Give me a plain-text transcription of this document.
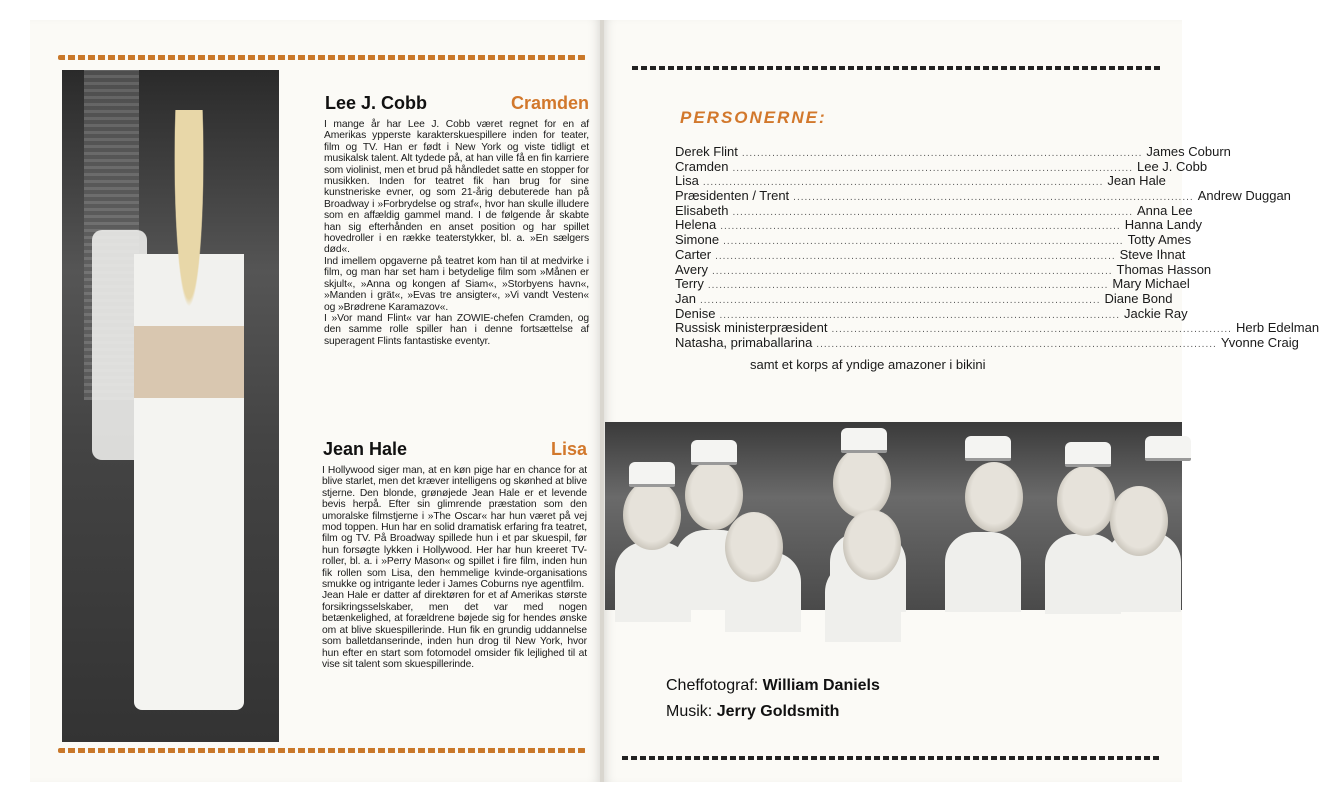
Lee J. Cobb	Cramden

I mange år har Lee J. Cobb været regnet for en af Amerikas ypperste karakterskuespillere inden for teater, film og TV. Han er født i New York og viste tidligt et musikalsk talent. Alt tydede på, at han ville få en fin karriere som violinist, men et brud på håndledet satte en stopper for musikken. Inden for teatret fik han brug for sine kunstneriske evner, og som 21-årig debuterede han på Broadway i »Forbrydelse og straf«, hvor han skulle illudere som en affældig gammel mand. I de følgende år skabte han sig efterhånden en anset position og har spillet hovedroller i en række teaterstykker, bl. a. »En sælgers død«.

Ind imellem opgaverne på teatret kom han til at medvirke i film, og man har set ham i betydelige film som »Månen er skjult«, »Anna og kongen af Siam«, »Storbyens havn«, »Manden i grät«, »Evas tre ansigter«, »Vi vandt Vesten« og »Brødrene Karamazov«.

I »Vor mand Flint« var han ZOWIE-chefen Cramden, og den samme rolle spiller han i denne fortsættelse af superagent Flints fantastiske eventyr.

Jean Hale	Lisa

I Hollywood siger man, at en køn pige har en chance for at blive starlet, men det kræver intelligens og skønhed at blive stjerne. Den blonde, grønøjede Jean Hale er et levende bevis herpå. Efter sin glimrende præstation som den umoralske filmstjerne i »The Oscar« har hun været på vej mod toppen. Hun har en solid dramatisk erfaring fra teatret, film og TV. På Broadway spillede hun i et par skuespil, før hun forsøgte lykken i Hollywood. Her har hun kreeret TV-roller, bl. a. i »Perry Mason« og spillet i fire film, inden hun fik rollen som Lisa, den hemmelige kvinde-organisations smukke og intrigante leder i James Coburns nye agentfilm.

Jean Hale er datter af direktøren for et af Amerikas største forsikringsselskaber, men det var med nogen betænkelighed, at forældrene bøjede sig for hendes ønske om at blive skuespillerinde. Hun fik en grundig uddannelse som balletdanserinde, inden hun drog til New York, hvor hun efter en start som fotomodel omsider fik lejlighed til at vise sit talent som skuespillerinde.

PERSONERNE:
Derek Flint .......................................................................................................... James Coburn
Cramden .......................................................................................................... Lee J. Cobb
Lisa .......................................................................................................... Jean Hale
Præsidenten / Trent .......................................................................................................... Andrew Duggan
Elisabeth .......................................................................................................... Anna Lee
Helena .......................................................................................................... Hanna Landy
Simone .......................................................................................................... Totty Ames
Carter .......................................................................................................... Steve Ihnat
Avery .......................................................................................................... Thomas Hasson
Terry .......................................................................................................... Mary Michael
Jan .......................................................................................................... Diane Bond
Denise .......................................................................................................... Jackie Ray
Russisk ministerpræsident .......................................................................................................... Herb Edelman
Natasha, primaballarina .......................................................................................................... Yvonne Craig
samt et korps af yndige amazoner i bikini
Cheffotograf: William Daniels
Musik: Jerry Goldsmith
